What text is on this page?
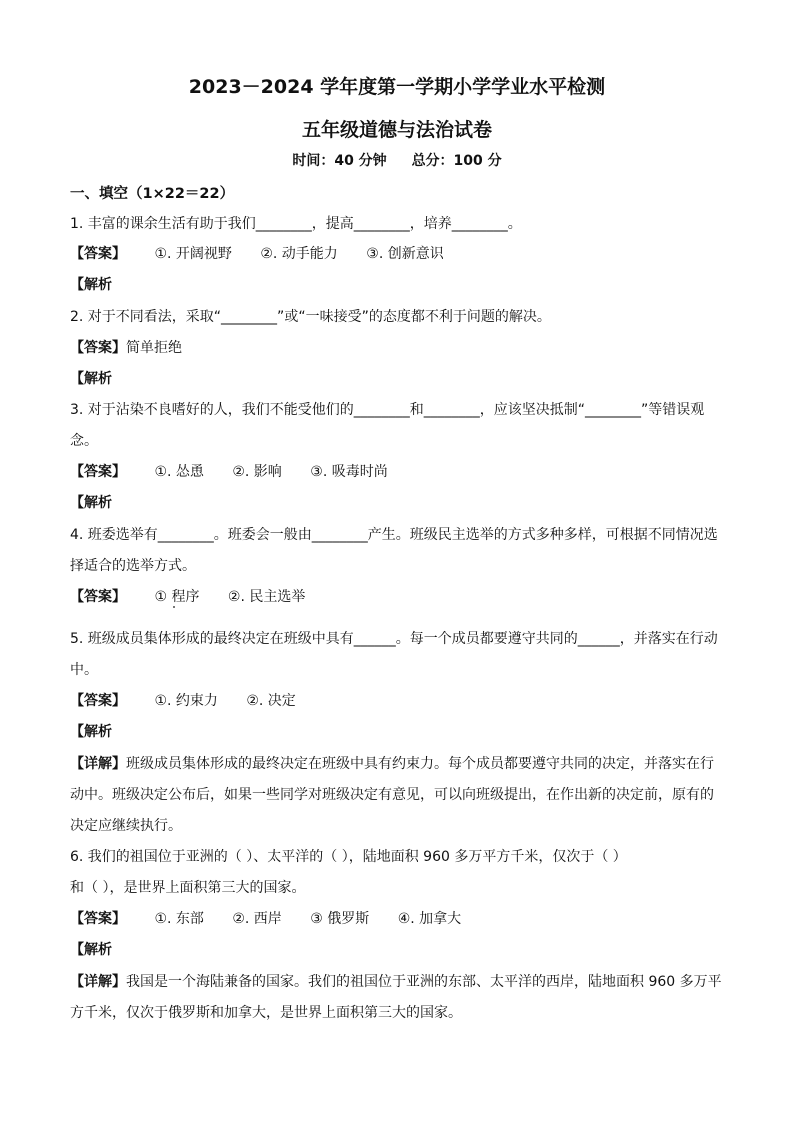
2023－2024 学年度第一学期小学学业水平检测
五年级道德与法治试卷
时间：40 分钟 总分：100 分
一、填空（1×22＝22）
1. 丰富的课余生活有助于我们________，提高________，培养________。
【答案】 ①. 开阔视野 ②. 动手能力 ③. 创新意识
【解析
2. 对于不同看法，采取“________”或“一味接受”的态度都不利于问题的解决。
【答案】简单拒绝
【解析
3. 对于沾染不良嗜好的人，我们不能受他们的________和________，应该坚决抵制“________”等错误观
念。
【答案】 ①. 怂恿 ②. 影响 ③. 吸毒时尚
【解析
4. 班委选举有________。班委会一般由________产生。班级民主选举的方式多种多样，可根据不同情况选
择适合的选举方式。
【答案】 ① 程序 ②. 民主选举
5. 班级成员集体形成的最终决定在班级中具有______。每一个成员都要遵守共同的______，并落实在行动
中。
【答案】 ①. 约束力 ②. 决定
【解析
【详解】班级成员集体形成的最终决定在班级中具有约束力。每个成员都要遵守共同的决定，并落实在行
动中。班级决定公布后，如果一些同学对班级决定有意见，可以向班级提出，在作出新的决定前，原有的
决定应继续执行。
6. 我们的祖国位于亚洲的（ ）、太平洋的（ ），陆地面积 960 多万平方千米，仅次于（ ）
和（ ），是世界上面积第三大的国家。
【答案】 ①. 东部 ②. 西岸 ③ 俄罗斯 ④. 加拿大
【解析
【详解】我国是一个海陆兼备的国家。我们的祖国位于亚洲的东部、太平洋的西岸，陆地面积 960 多万平
方千米，仅次于俄罗斯和加拿大，是世界上面积第三大的国家。
